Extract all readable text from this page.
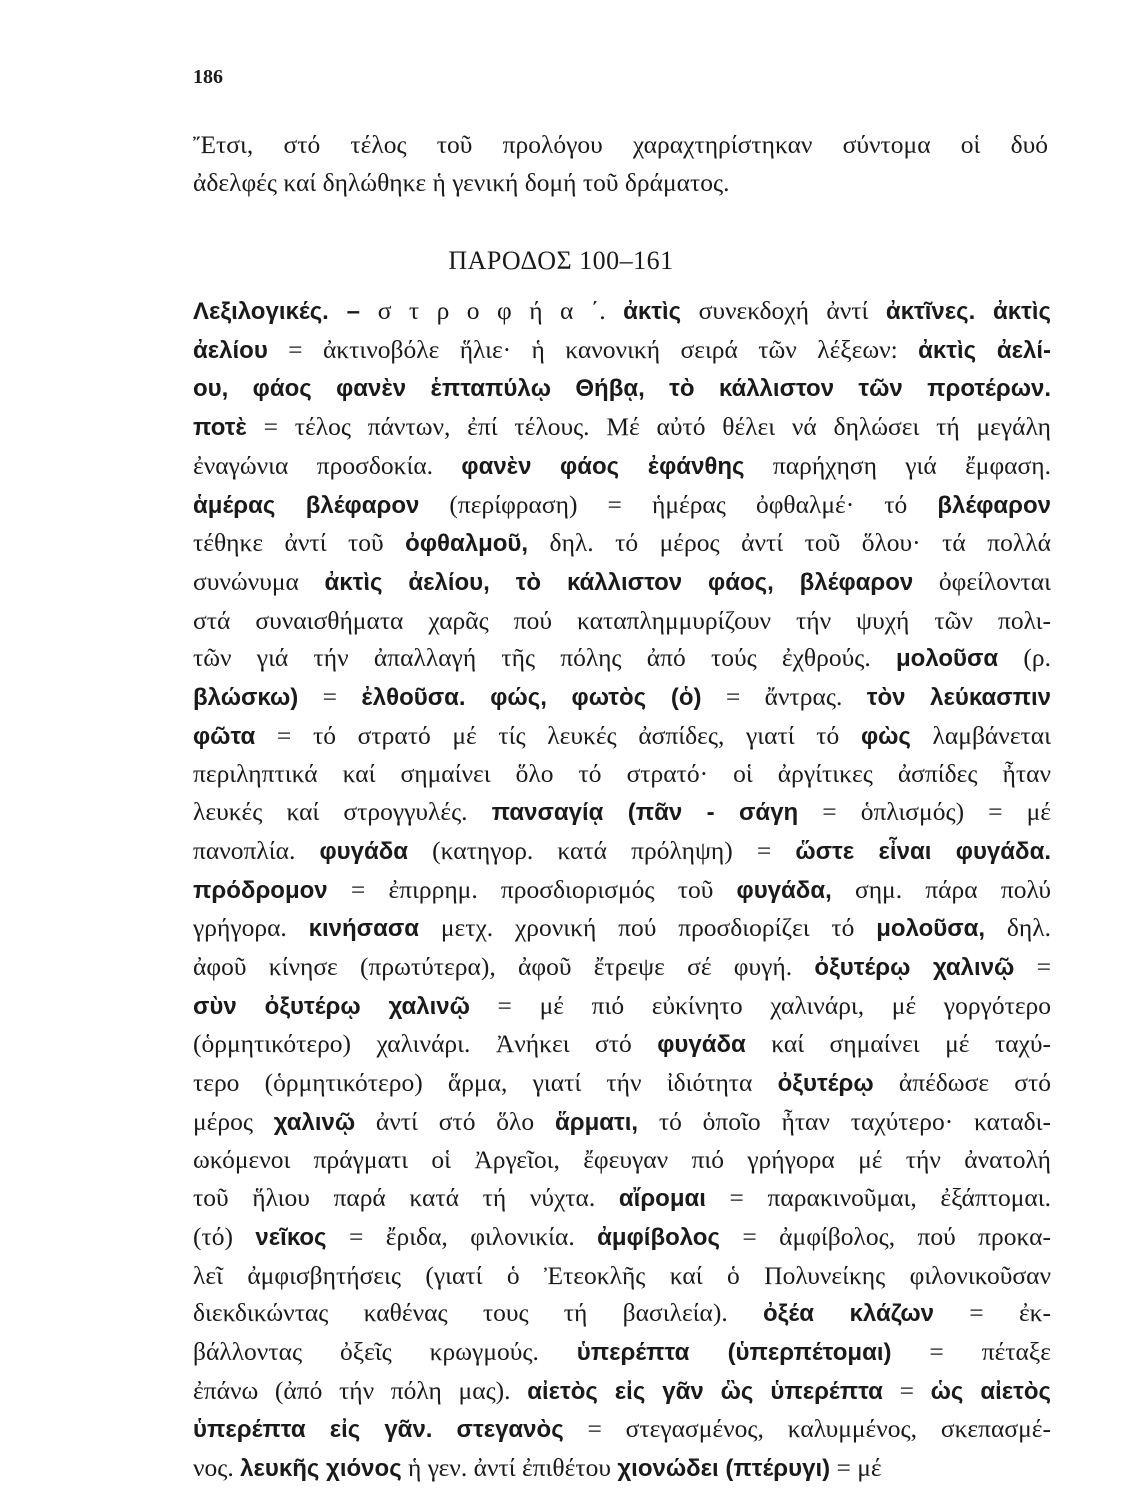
186
Ἔτσι, στό τέλος τοῦ προλόγου χαραχτηρίστηκαν σύντομα οἱ δυό
ἀδελφές καί δηλώθηκε ἡ γενική δομή τοῦ δράματος.
ΠΑΡΟΔΟΣ 100–161
Λεξιλογικές. – σ τ ρ ο φ ή α ΄. ἀκτὶς συνεκδοχή ἀντί ἀκτῖνες. ἀκτὶς
ἀελίου = ἀκτινοβόλε ἥλιε· ἡ κανονική σειρά τῶν λέξεων: ἀκτὶς ἀελί-
ου, φάος φανὲν ἑπταπύλῳ Θήβᾳ, τὸ κάλλιστον τῶν προτέρων.
ποτὲ = τέλος πάντων, ἐπί τέλους. Μέ αὐτό θέλει νά δηλώσει τή μεγάλη
ἐναγώνια προσδοκία. φανὲν φάος ἐφάνθης παρήχηση γιά ἔμφαση.
ἁμέρας βλέφαρον (περίφραση) = ἡμέρας ὀφθαλμέ· τό βλέφαρον
τέθηκε ἀντί τοῦ ὀφθαλμοῦ, δηλ. τό μέρος ἀντί τοῦ ὅλου· τά πολλά
συνώνυμα ἀκτὶς ἀελίου, τὸ κάλλιστον φάος, βλέφαρον ὀφείλονται
στά συναισθήματα χαρᾶς πού καταπλημμυρίζουν τήν ψυχή τῶν πολι-
τῶν γιά τήν ἀπαλλαγή τῆς πόλης ἀπό τούς ἐχθρούς. μολοῦσα (ρ.
βλώσκω) = ἐλθοῦσα. φώς, φωτὸς (ὁ) = ἄντρας. τὸν λεύκασπιν
φῶτα = τό στρατό μέ τίς λευκές ἀσπίδες, γιατί τό φὼς λαμβάνεται
περιληπτικά καί σημαίνει ὅλο τό στρατό· οἱ ἀργίτικες ἀσπίδες ἦταν
λευκές καί στρογγυλές. πανσαγίᾳ (πᾶν - σάγη = ὁπλισμός) = μέ
πανοπλία. φυγάδα (κατηγορ. κατά πρόληψη) = ὥστε εἶναι φυγάδα.
πρόδρομον = ἐπιρρημ. προσδιορισμός τοῦ φυγάδα, σημ. πάρα πολύ
γρήγορα. κινήσασα μετχ. χρονική πού προσδιορίζει τό μολοῦσα, δηλ.
ἀφοῦ κίνησε (πρωτύτερα), ἀφοῦ ἔτρεψε σέ φυγή. ὀξυτέρῳ χαλινῷ =
σὺν ὀξυτέρῳ χαλινῷ = μέ πιό εὐκίνητο χαλινάρι, μέ γοργότερο
(ὁρμητικότερο) χαλινάρι. Ἀνήκει στό φυγάδα καί σημαίνει μέ ταχύ-
τερο (ὁρμητικότερο) ἅρμα, γιατί τήν ἰδιότητα ὀξυτέρῳ ἀπέδωσε στό
μέρος χαλινῷ ἀντί στό ὅλο ἅρματι, τό ὁποῖο ἦταν ταχύτερο· καταδι-
ωκόμενοι πράγματι οἱ Ἀργεῖοι, ἔφευγαν πιό γρήγορα μέ τήν ἀνατολή
τοῦ ἥλιου παρά κατά τή νύχτα. αἴρομαι = παρακινοῦμαι, ἐξάπτομαι.
(τό) νεῖκος = ἔριδα, φιλονικία. ἀμφίβολος = ἀμφίβολος, πού προκα-
λεῖ ἀμφισβητήσεις (γιατί ὁ Ἐτεοκλῆς καί ὁ Πολυνείκης φιλονικοῦσαν
διεκδικώντας καθένας τους τή βασιλεία). ὀξέα κλάζων = ἐκ-
βάλλοντας ὀξεῖς κρωγμούς. ὑπερέπτα (ὑπερπέτομαι) = πέταξε
ἐπάνω (ἀπό τήν πόλη μας). αἰετὸς εἰς γᾶν ὣς ὑπερέπτα = ὡς αἰετὸς
ὑπερέπτα εἰς γᾶν. στεγανὸς = στεγασμένος, καλυμμένος, σκεπασμέ-
νος. λευκῆς χιόνος ἡ γεν. ἀντί ἐπιθέτου χιονώδει (πτέρυγι) = μέ
